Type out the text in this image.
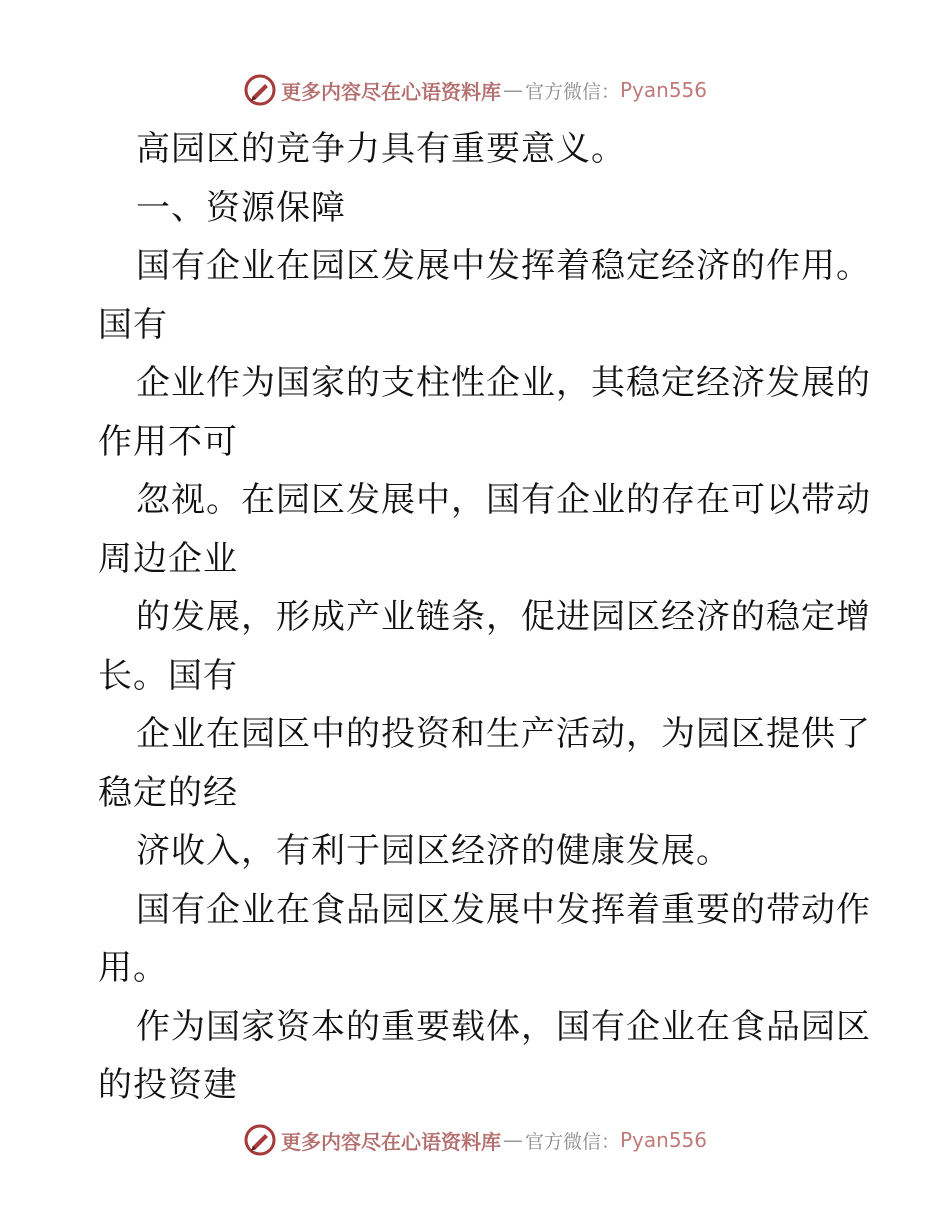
更多内容尽在心语资料库 — 官方微信： Pyan556
高园区的竞争力具有重要意义。
一、资源保障
国有企业在园区发展中发挥着稳定经济的作用。
国有
企业作为国家的支柱性企业，其稳定经济发展的
作用不可
忽视。在园区发展中，国有企业的存在可以带动
周边企业
的发展，形成产业链条，促进园区经济的稳定增
长。国有
企业在园区中的投资和生产活动，为园区提供了
稳定的经
济收入，有利于园区经济的健康发展。
国有企业在食品园区发展中发挥着重要的带动作
用。
作为国家资本的重要载体，国有企业在食品园区
的投资建
更多内容尽在心语资料库 — 官方微信： Pyan556
